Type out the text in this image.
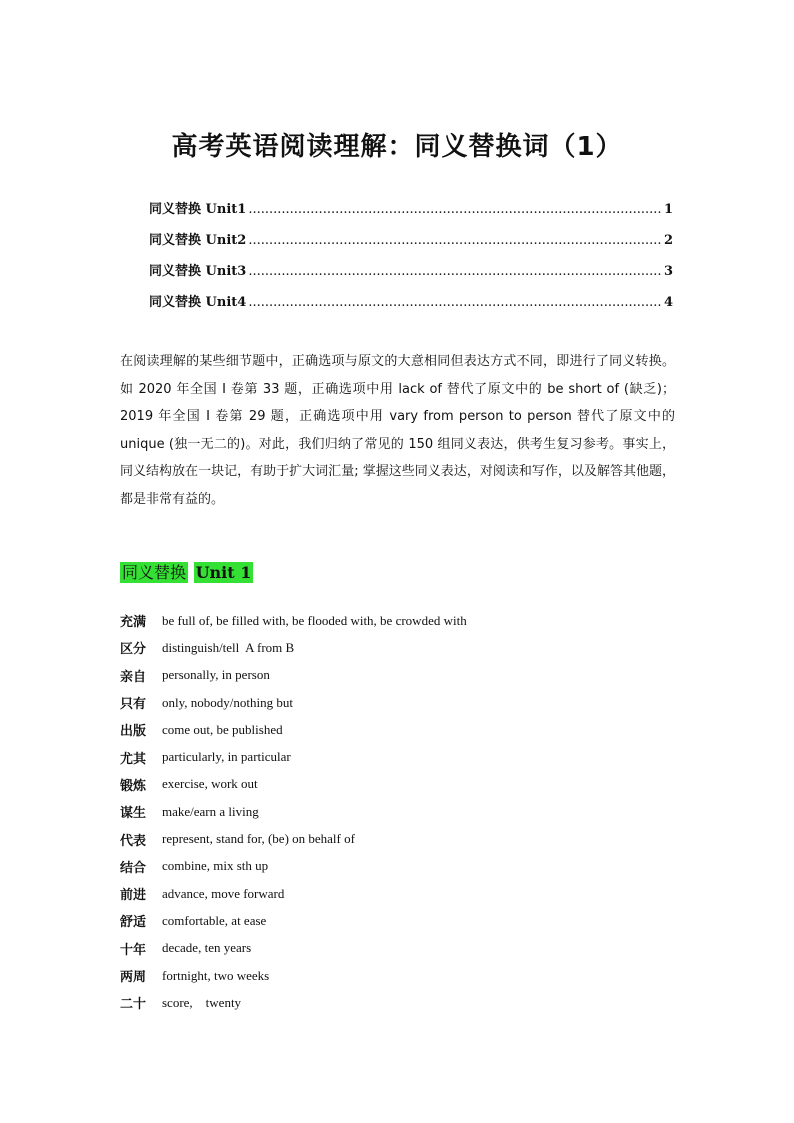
高考英语阅读理解：同义替换词（1）
同义替换 Unit1 .....	1
同义替换 Unit2 .....	2
同义替换 Unit3 .....	3
同义替换 Unit4 .....	4

在阅读理解的某些细节题中，正确选项与原文的大意相同但表达方式不同，即进行了同义转换。如 2020 年全国 I 卷第 33 题，正确选项中用 lack of 替代了原文中的 be short of (缺乏)；2019 年全国 I 卷第 29 题，正确选项中用 vary from person to person 替代了原文中的 unique (独一无二的)。对此，我们归纳了常见的 150 组同义表达，供考生复习参考。事实上，同义结构放在一块记，有助于扩大词汇量; 掌握这些同义表达，对阅读和写作，以及解答其他题，都是非常有益的。

同义替换 Unit 1
充满	be full of, be filled with, be flooded with, be crowded with
区分	distinguish/tell  A from B
亲自	personally, in person
只有	only, nobody/nothing but
出版	come out, be published
尤其	particularly, in particular
锻炼	exercise, work out
谋生	make/earn a living
代表	represent, stand for, (be) on behalf of
结合	combine, mix sth up
前进	advance, move forward
舒适	comfortable, at ease
十年	decade, ten years
两周	fortnight, two weeks
二十	score,    twenty
